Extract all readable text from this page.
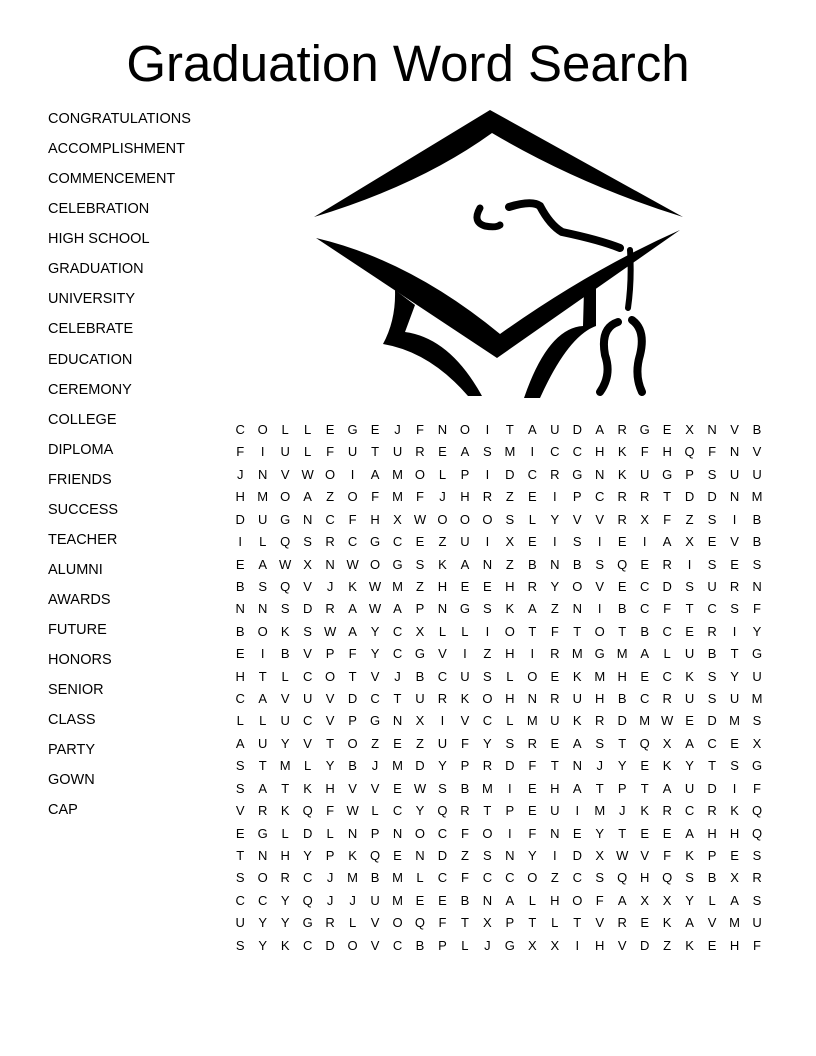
Graduation Word Search
CONGRATULATIONS
ACCOMPLISHMENT
COMMENCEMENT
CELEBRATION
HIGH SCHOOL
GRADUATION
UNIVERSITY
CELEBRATE
EDUCATION
CEREMONY
COLLEGE
DIPLOMA
FRIENDS
SUCCESS
TEACHER
ALUMNI
AWARDS
FUTURE
HONORS
SENIOR
CLASS
PARTY
GOWN
CAP
C O	L	L	E	G	E	J	F	N O	I	T	A	U	D	A	R G	E	X	N	V	B
F	I	U	L	F	U	T	U	R	E	A	S M	I	C	C	H	K	F	H Q	F	N	V
J	N	V W O	I	A M O	L	P	I	D	C	R G N	K	U G	P	S	U	U
H M O	A	Z	O	F	M	F	J	H	R	Z	E	I	P	C	R	R	T	D	D	N M
D	U G N	C	F	H	X W O O O	S	L	Y	V	V	R	X	F	Z	S	I	B
I	L	Q	S	R	C G C	E	Z	U	I	X	E	I	S	I	E	I	A	X	E	V	B
E	A W X	N W O G	S	K	A	N	Z	B	N	B	S	Q	E	R	I	S	E	S
B	S	Q	V	J	K W M	Z	H	E	E	H	R	Y	O	V	E	C	D	S	U	R	N
N	N	S	D	R	A W A	P	N G	S	K	A	Z	N	I	B	C	F	T	C	S	F
B	O	K	S W A	Y	C	X	L	L	I	O	T	F	T	O	T	B	C	E	R	I	Y
E	I	B	V	P	F	Y	C G	V	I	Z	H	I	R M G M A	L	U	B	T	G
H	T	L	C O	T	V	J	B	C	U	S	L	O	E	K M H	E	C	K	S	Y	U
C	A	V	U	V	D	C	T	U	R	K	O H	N	R	U	H	B	C	R	U	S	U M
L	L	U	C	V	P	G N	X	I	V	C	L	M U	K	R	D M W E	D M S
A	U	Y	V	T	O	Z	E	Z	U	F	Y	S	R	E	A	S	T	Q	X	A	C	E	X
S	T	M	L	Y	B	J	M D	Y	P	R	D	F	T	N	J	Y	E	K	Y	T	S	G
S	A	T	K	H	V	V	E W S	B M	I	E	H	A	T	P	T	A	U	D	I	F
V	R	K	Q	F W L	C	Y	Q R	T	P	E	U	I	M	J	K	R	C	R	K	Q
E	G	L	D	L	N	P	N O C	F	O	I	F	N	E	Y	T	E	E	A	H	H Q
T	N	H	Y	P	K	Q	E	N	D	Z	S	N	Y	I	D	X W V	F	K	P	E	S
S	O R	C	J	M B M	L	C	F	C	C O	Z	C	S	Q H Q	S	B	X	R
C	C	Y	Q	J	J	U M E	E	B	N	A	L	H O	F	A	X	X	Y	L	A	S
U	Y	Y	G R	L	V	O Q	F	T	X	P	T	L	T	V	R	E	K	A	V M U
S	Y	K	C	D O	V	C	B	P	L	J	G	X	X	I	H	V	D	Z	K	E	H	F
